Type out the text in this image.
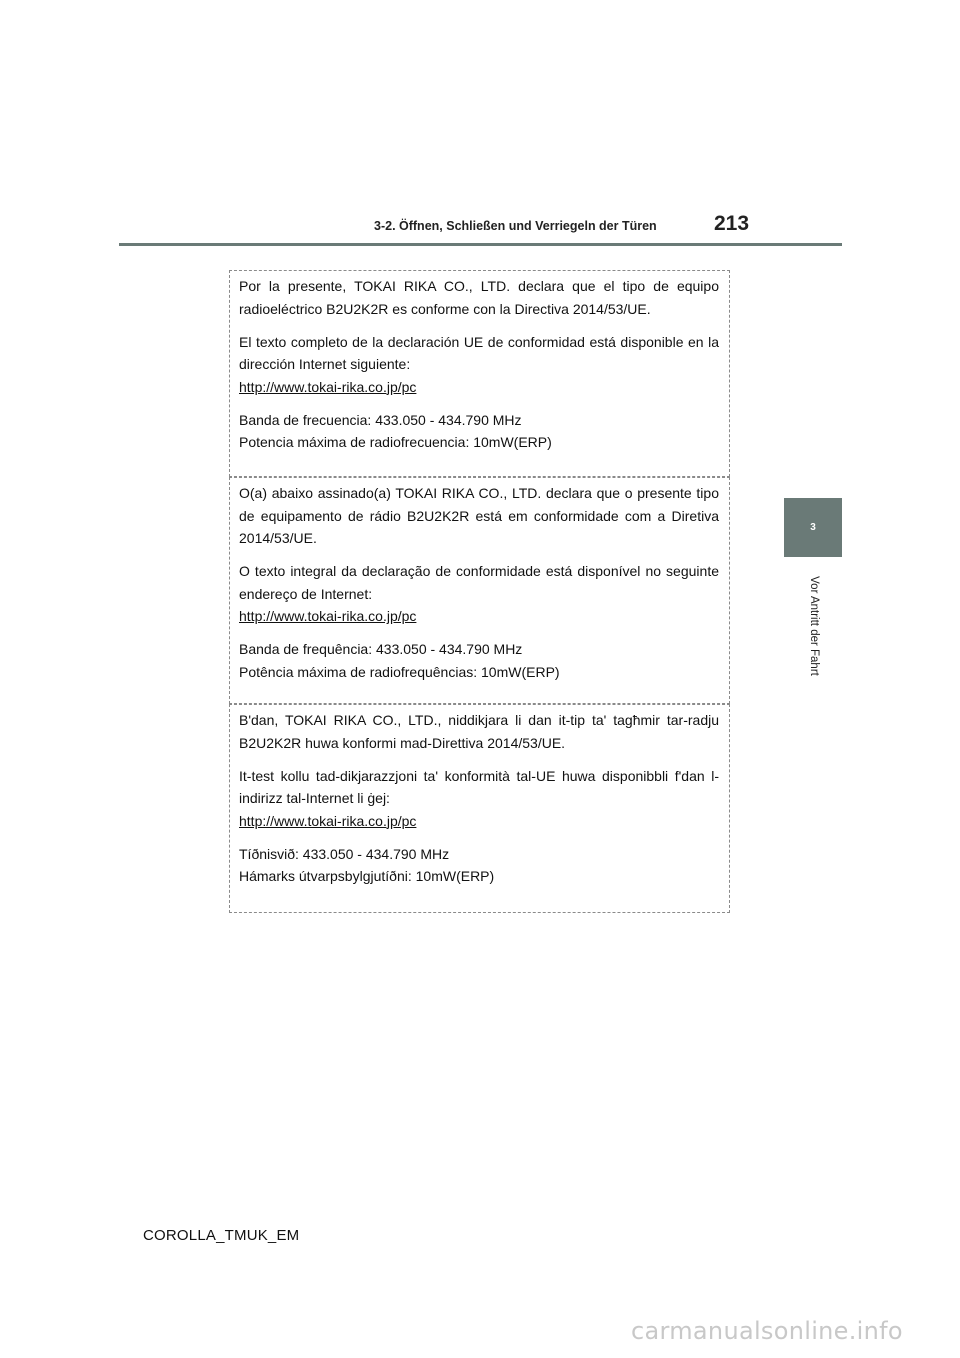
3-2. Öffnen, Schließen und Verriegeln der Türen	213
3
Vor Antritt der Fahrt

Por la presente, TOKAI RIKA CO., LTD. declara que el tipo de equipo radioeléctrico B2U2K2R es conforme con la Directiva 2014/53/UE.

El texto completo de la declaración UE de conformidad está disponible en la dirección Internet siguiente:
http://www.tokai-rika.co.jp/pc

Banda de frecuencia: 433.050 - 434.790 MHz
Potencia máxima de radiofrecuencia: 10mW(ERP)

O(a) abaixo assinado(a) TOKAI RIKA CO., LTD. declara que o presente tipo de equipamento de rádio B2U2K2R está em conformidade com a Diretiva 2014/53/UE.

O texto integral da declaração de conformidade está disponível no seguinte endereço de Internet:
http://www.tokai-rika.co.jp/pc

Banda de frequência: 433.050 - 434.790 MHz
Potência máxima de radiofrequências: 10mW(ERP)

B'dan, TOKAI RIKA CO., LTD., niddikjara li dan it-tip ta' tagħmir tar-radju B2U2K2R huwa konformi mad-Direttiva 2014/53/UE.

It-test kollu tad-dikjarazzjoni ta' konformità tal-UE huwa disponibbli f'dan l-indirizz tal-Internet li ġej:
http://www.tokai-rika.co.jp/pc

Tíðnisvið: 433.050 - 434.790 MHz
Hámarks útvarpsbylgjutíðni: 10mW(ERP)

COROLLA_TMUK_EM
carmanualsonline.info
